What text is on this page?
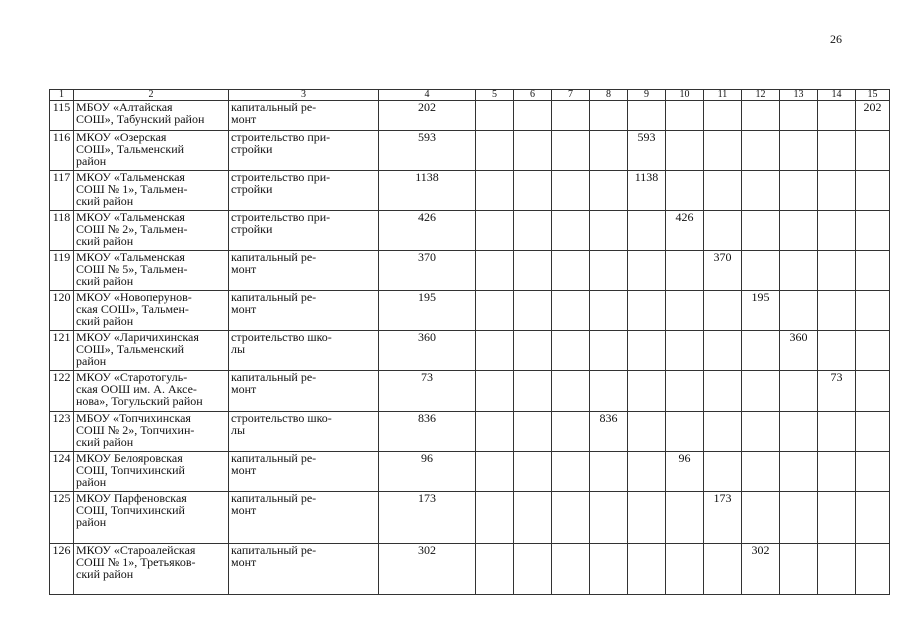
26
1	2	3	4	5	6	7	8	9	10	11	12	13	14	15
115	МБОУ «Алтайская
СОШ», Табунский район	капитальный ре-
монт	202											202
116	МКОУ «Озерская
СОШ», Тальменский
район	строительство при-
стройки	593					593						
117	МКОУ «Тальменская
СОШ № 1», Тальмен-
ский район	строительство при-
стройки	1138					1138						
118	МКОУ «Тальменская
СОШ № 2», Тальмен-
ский район	строительство при-
стройки	426						426					
119	МКОУ «Тальменская
СОШ № 5», Тальмен-
ский район	капитальный ре-
монт	370							370				
120	МКОУ «Новоперунов-
ская СОШ», Тальмен-
ский район	капитальный ре-
монт	195								195			
121	МКОУ «Ларичихинская
СОШ», Тальменский
район	строительство шко-
лы	360									360		
122	МКОУ «Старотогуль-
ская ООШ им. А. Аксе-
нова», Тогульский район	капитальный ре-
монт	73										73	
123	МБОУ «Топчихинская
СОШ № 2», Топчихин-
ский район	строительство шко-
лы	836				836							
124	МКОУ Белояровская
СОШ, Топчихинский
район	капитальный ре-
монт	96						96					
125	МКОУ Парфеновская
СОШ, Топчихинский
район	капитальный ре-
монт	173							173				
126	МКОУ «Староалейская
СОШ № 1», Третьяков-
ский район	капитальный ре-
монт	302								302			
